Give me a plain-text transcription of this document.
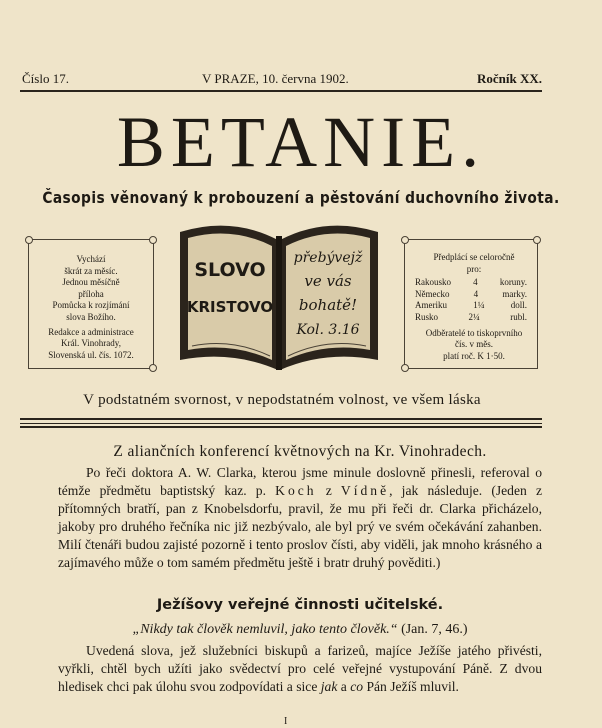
Číslo 17.	V PRAZE, 10. června 1902.	Ročník XX.
BETANIE.
Časopis věnovaný k probouzení a pěstování duchovního života.
Vychází
škrát za měsíc.
Jednou měsíčně
příloha
Pomůcka k rozjímání
slova Božího.
Redakce a administrace
Král. Vinohrady,
Slovenská ul. čís. 1072.
SLOVO
KRISTOVO
přebývejž
ve vás
bohatě!
Kol. 3.16
Předplácí se celoročně
pro:
Rakousko 4 koruny.
Německo	4	marky.
Ameriku	1¼	doll.
Rusko	2¼	rubl.
Odběratelé to tiskoprvního
čís. v měs.
platí roč. K 1·50.
V podstatném svornost, v nepodstatném volnost, ve všem láska
Z aliančních konferencí květnových na Kr. Vinohradech.
Po řeči doktora A. W. Clarka, kterou jsme minule doslovně přinesli, referoval o témže předmětu baptistský kaz. p. Koch z Vídně, jak následuje. (Jeden z přítomných bratří, pan z Knobelsdorfu, pravil, že mu při řeči dr. Clarka přicházelo, jakoby pro druhého řečníka nic již nezbývalo, ale byl prý ve svém očekávání zahanben. Milí čtenáři budou zajisté pozorně i tento proslov čísti, aby viděli, jak mnoho krásného a zajímavého může o tom samém předmětu ještě i bratr druhý pověditi.)
Ježíšovy veřejné činnosti učitelské.
„Nikdy tak člověk nemluvil, jako tento člověk.“ (Jan. 7, 46.)
Uvedená slova, jež služebníci biskupů a farizeů, majíce Ježíše jatého přivésti, vyřkli, chtěl bych užíti jako svědectví pro celé veřejné vystupování Páně. Z dvou hledisek chci pak úlohu svou zodpovídati a sice jak a co Pán Ježíš mluvil.
I
